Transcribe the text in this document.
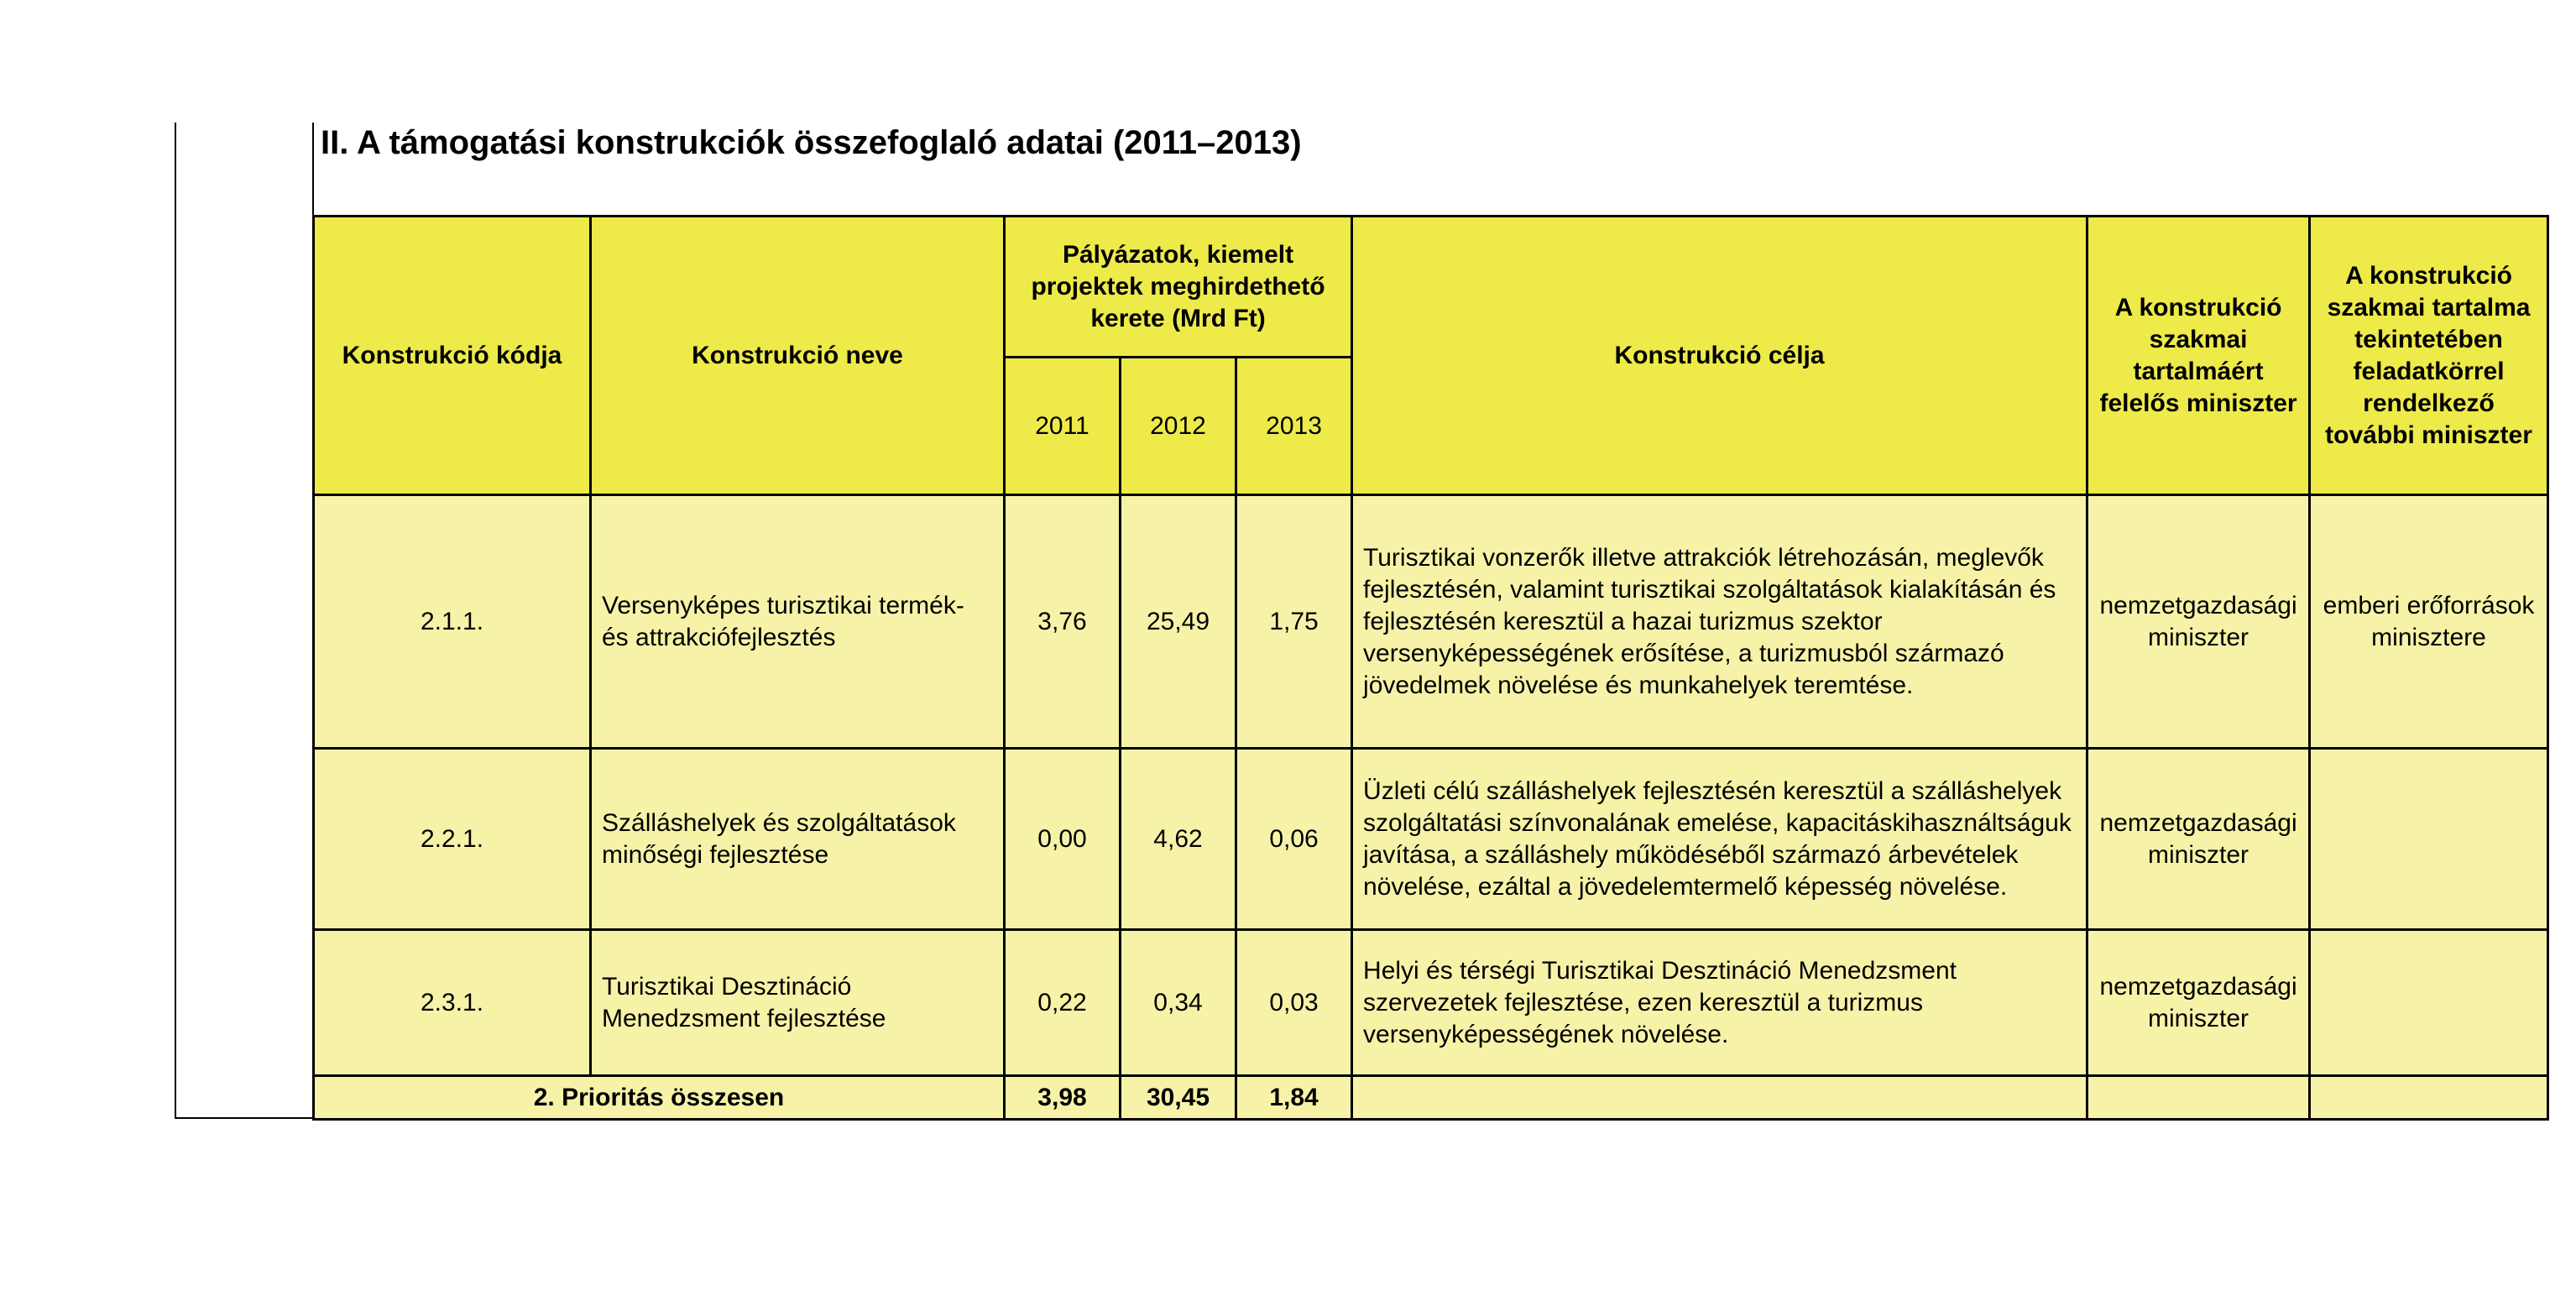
II. A támogatási konstrukciók összefoglaló adatai (2011–2013)
Konstrukció kódja	Konstrukció neve	Pályázatok, kiemelt projektek meghirdethető kerete (Mrd Ft)			Konstrukció célja	A konstrukció szakmai tartalmáért felelős miniszter	A konstrukció szakmai tartalma tekintetében feladatkörrel rendelkező további miniszter
		2011	2012	2013			
2.1.1.	Versenyképes turisztikai termék- és attrakciófejlesztés	3,76	25,49	1,75	Turisztikai vonzerők illetve attrakciók létrehozásán, meglevők fejlesztésén, valamint turisztikai szolgáltatások kialakításán és fejlesztésén keresztül a hazai turizmus szektor versenyképességének erősítése, a turizmusból származó jövedelmek növelése és munkahelyek teremtése.	nemzetgazdasági miniszter	emberi erőforrások minisztere
2.2.1.	Szálláshelyek és szolgáltatások minőségi fejlesztése	0,00	4,62	0,06	Üzleti célú szálláshelyek fejlesztésén keresztül a szálláshelyek szolgáltatási színvonalának emelése, kapacitáskihasználtságuk javítása, a szálláshely működéséből származó árbevételek növelése, ezáltal a jövedelemtermelő képesség növelése.	nemzetgazdasági miniszter	
2.3.1.	Turisztikai Desztináció Menedzsment fejlesztése	0,22	0,34	0,03	Helyi és térségi Turisztikai Desztináció Menedzsment szervezetek fejlesztése, ezen keresztül a turizmus versenyképességének növelése.	nemzetgazdasági miniszter	
2. Prioritás összesen		3,98	30,45	1,84			
